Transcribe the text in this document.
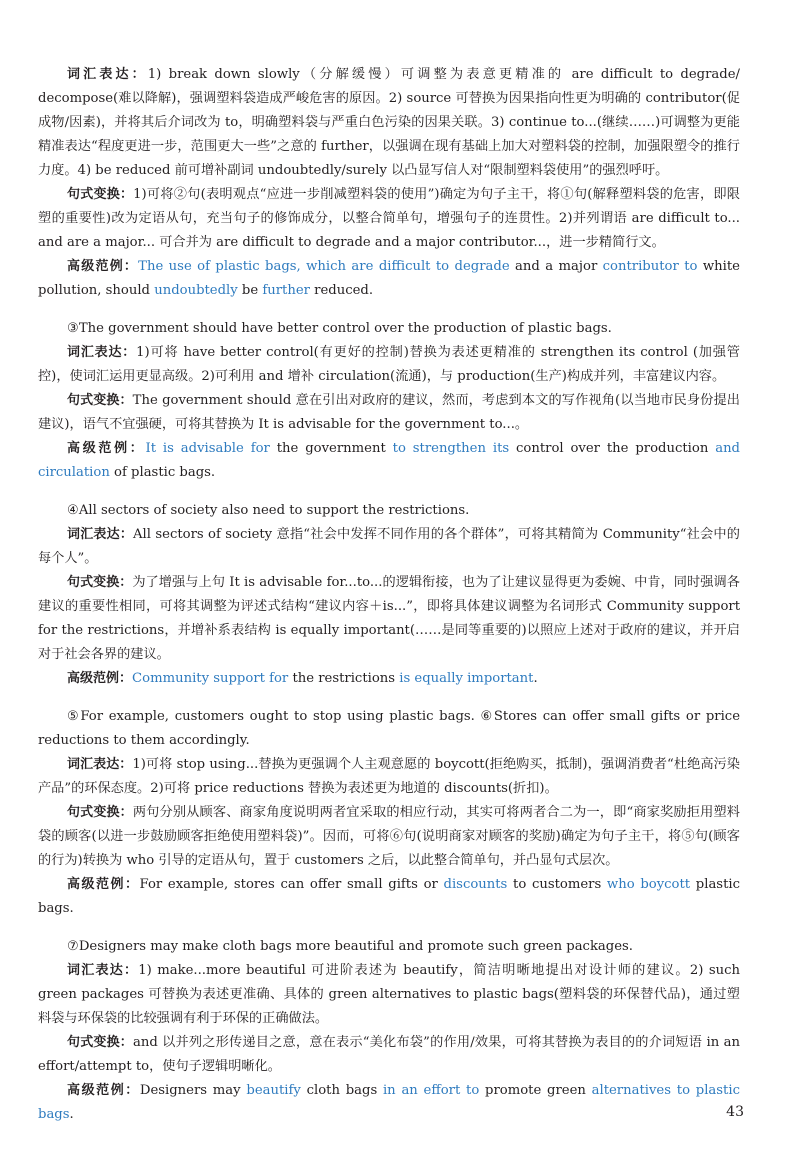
词汇表达：1) break down slowly（分解缓慢）可调整为表意更精准的 are difficult to degrade/ decompose(难以降解)，强调塑料袋造成严峻危害的原因。2) source 可替换为因果指向性更为明确的 contributor(促成物/因素)，并将其后介词改为 to，明确塑料袋与严重白色污染的因果关联。3) continue to...(继续……)可调整为更能精准表达“程度更进一步，范围更大一些”之意的 further，以强调在现有基础上加大对塑料袋的控制，加强限塑令的推行力度。4) be reduced 前可增补副词 undoubtedly/surely 以凸显写信人对“限制塑料袋使用”的强烈呼吁。

句式变换：1)可将②句(表明观点“应进一步削减塑料袋的使用”)确定为句子主干，将①句(解释塑料袋的危害，即限塑的重要性)改为定语从句，充当句子的修饰成分，以整合简单句，增强句子的连贯性。2)并列谓语 are difficult to... and are a major... 可合并为 are difficult to degrade and a major contributor...，进一步精简行文。

高级范例：The use of plastic bags, which are difficult to degrade and a major contributor to white pollution, should undoubtedly be further reduced.

③The government should have better control over the production of plastic bags.

词汇表达：1)可将 have better control(有更好的控制)替换为表述更精准的 strengthen its control (加强管控)，使词汇运用更显高级。2)可利用 and 增补 circulation(流通)，与 production(生产)构成并列，丰富建议内容。

句式变换：The government should 意在引出对政府的建议，然而，考虑到本文的写作视角(以当地市民身份提出建议)，语气不宜强硬，可将其替换为 It is advisable for the government to...。

高级范例：It is advisable for the government to strengthen its control over the production and circulation of plastic bags.

④All sectors of society also need to support the restrictions.

词汇表达：All sectors of society 意指“社会中发挥不同作用的各个群体”，可将其精简为 Community“社会中的每个人”。

句式变换：为了增强与上句 It is advisable for...to...的逻辑衔接，也为了让建议显得更为委婉、中肯，同时强调各建议的重要性相同，可将其调整为评述式结构“建议内容＋is...”，即将具体建议调整为名词形式 Community support for the restrictions，并增补系表结构 is equally important(……是同等重要的)以照应上述对于政府的建议，并开启对于社会各界的建议。

高级范例：Community support for the restrictions is equally important.

⑤For example, customers ought to stop using plastic bags. ⑥Stores can offer small gifts or price reductions to them accordingly.

词汇表达：1)可将 stop using...替换为更强调个人主观意愿的 boycott(拒绝购买，抵制)，强调消费者“杜绝高污染产品”的环保态度。2)可将 price reductions 替换为表述更为地道的 discounts(折扣)。

句式变换：两句分别从顾客、商家角度说明两者宜采取的相应行动，其实可将两者合二为一，即“商家奖励拒用塑料袋的顾客(以进一步鼓励顾客拒绝使用塑料袋)”。因而，可将⑥句(说明商家对顾客的奖励)确定为句子主干，将⑤句(顾客的行为)转换为 who 引导的定语从句，置于 customers 之后，以此整合简单句，并凸显句式层次。

高级范例：For example, stores can offer small gifts or discounts to customers who boycott plastic bags.

⑦Designers may make cloth bags more beautiful and promote such green packages.

词汇表达：1) make...more beautiful 可进阶表述为 beautify，简洁明晰地提出对设计师的建议。2) such green packages 可替换为表述更准确、具体的 green alternatives to plastic bags(塑料袋的环保替代品)，通过塑料袋与环保袋的比较强调有利于环保的正确做法。

句式变换：and 以并列之形传递目之意，意在表示“美化布袋”的作用/效果，可将其替换为表目的的介词短语 in an effort/attempt to，使句子逻辑明晰化。

高级范例：Designers may beautify cloth bags in an effort to promote green alternatives to plastic bags.	43
